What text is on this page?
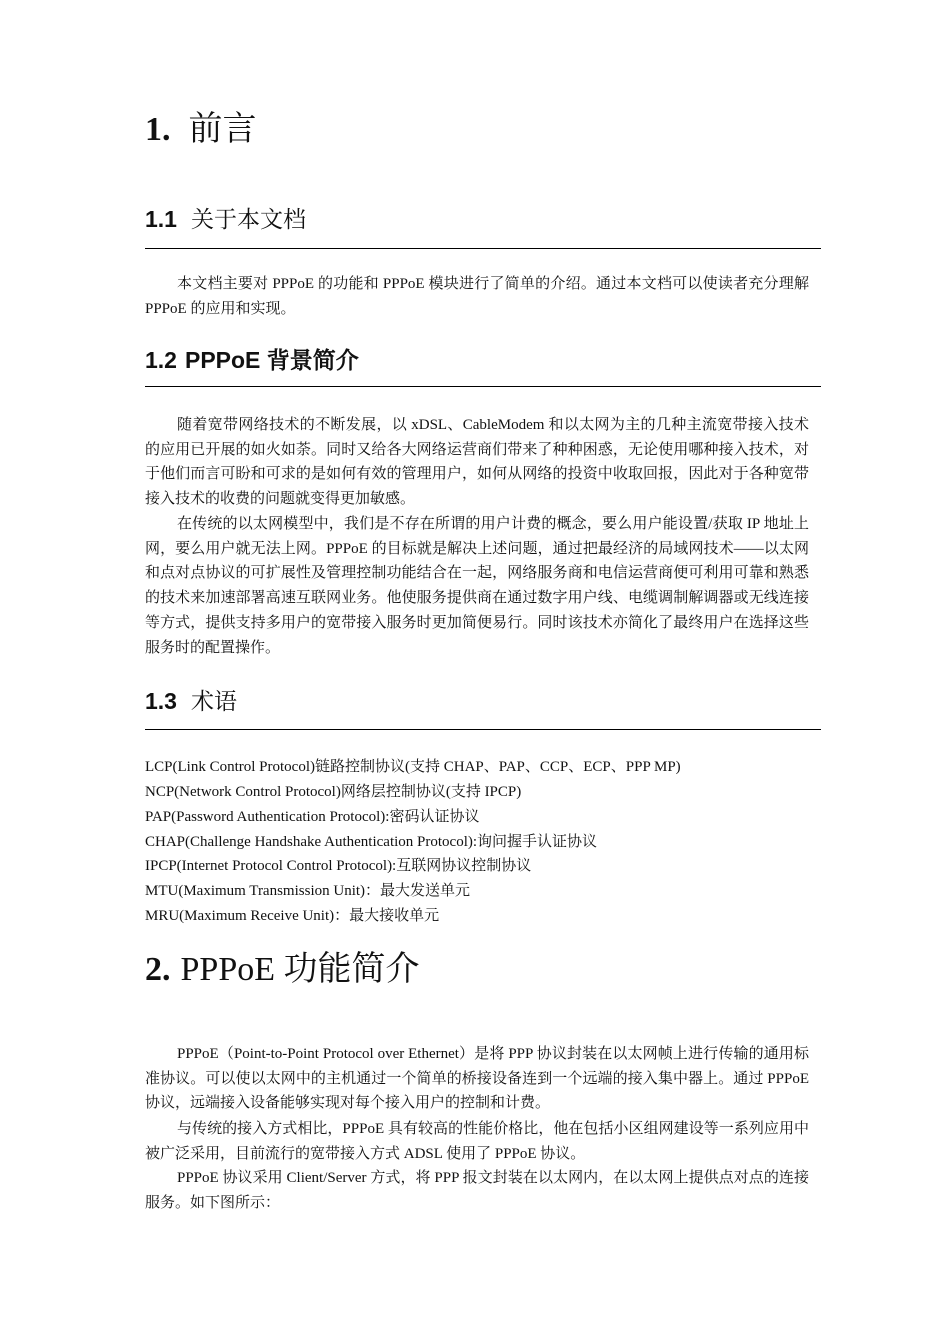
1. 前言
1.1 关于本文档
本文档主要对 PPPoE 的功能和 PPPoE 模块进行了简单的介绍。通过本文档可以使读者充分理解 PPPoE 的应用和实现。
1.2 PPPoE 背景简介
随着宽带网络技术的不断发展，以 xDSL、CableModem 和以太网为主的几种主流宽带接入技术的应用已开展的如火如荼。同时又给各大网络运营商们带来了种种困惑，无论使用哪种接入技术，对于他们而言可盼和可求的是如何有效的管理用户，如何从网络的投资中收取回报，因此对于各种宽带接入技术的收费的问题就变得更加敏感。
在传统的以太网模型中，我们是不存在所谓的用户计费的概念，要么用户能设置/获取 IP 地址上网，要么用户就无法上网。PPPoE 的目标就是解决上述问题，通过把最经济的局域网技术——以太网和点对点协议的可扩展性及管理控制功能结合在一起，网络服务商和电信运营商便可利用可靠和熟悉的技术来加速部署高速互联网业务。他使服务提供商在通过数字用户线、电缆调制解调器或无线连接等方式，提供支持多用户的宽带接入服务时更加简便易行。同时该技术亦简化了最终用户在选择这些服务时的配置操作。
1.3 术语
LCP(Link Control Protocol)链路控制协议(支持 CHAP、PAP、CCP、ECP、PPP MP)
NCP(Network Control Protocol)网络层控制协议(支持 IPCP)
PAP(Password Authentication Protocol):密码认证协议
CHAP(Challenge Handshake Authentication Protocol):询问握手认证协议
IPCP(Internet Protocol Control Protocol):互联网协议控制协议
MTU(Maximum Transmission Unit)：最大发送单元
MRU(Maximum Receive Unit)：最大接收单元
2. PPPoE 功能简介
PPPoE（Point-to-Point Protocol over Ethernet）是将 PPP 协议封装在以太网帧上进行传输的通用标准协议。可以使以太网中的主机通过一个简单的桥接设备连到一个远端的接入集中器上。通过 PPPoE 协议，远端接入设备能够实现对每个接入用户的控制和计费。
与传统的接入方式相比，PPPoE 具有较高的性能价格比，他在包括小区组网建设等一系列应用中被广泛采用，目前流行的宽带接入方式 ADSL 使用了 PPPoE 协议。
PPPoE 协议采用 Client/Server 方式，将 PPP 报文封装在以太网内，在以太网上提供点对点的连接服务。如下图所示：
